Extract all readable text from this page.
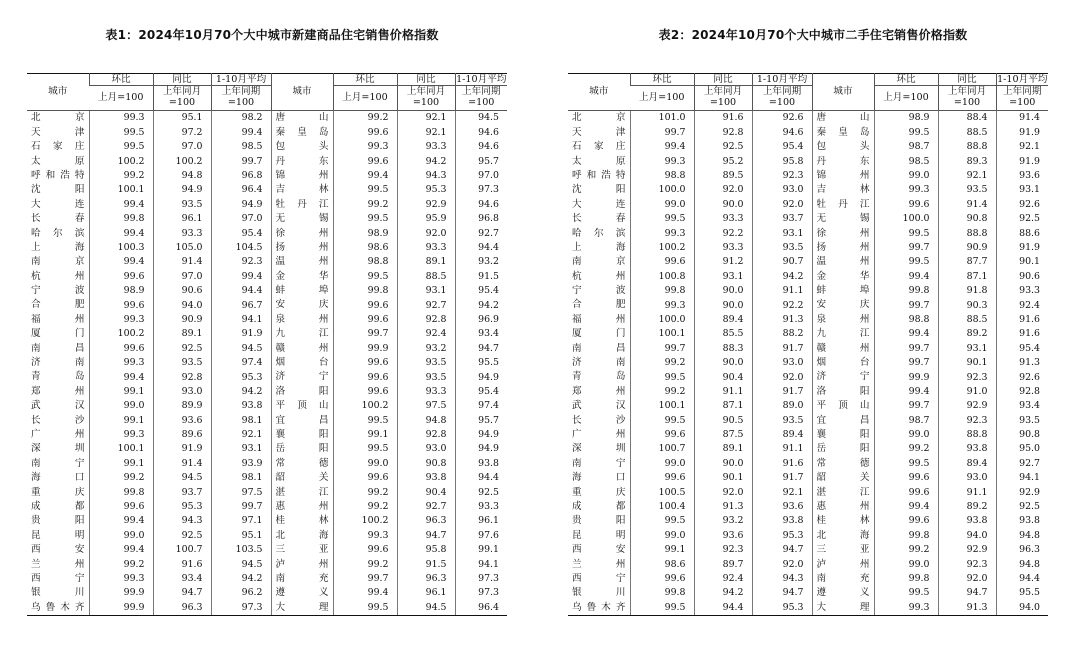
表1：2024年10月70个大中城市新建商品住宅销售价格指数
城市	环比	同比	1-10月平均	城市	环比	同比	1-10月平均
	上月=100	上年同月=100	上年同期=100		上月=100	上年同月=100	上年同期=100
北 京	99.3	95.1	98.2	唐 山	99.2	92.1	94.5
天 津	99.5	97.2	99.4	秦皇岛	99.6	92.1	94.6
石家庄	99.5	97.0	98.5	包 头	99.3	93.3	94.6
太 原	100.2	100.2	99.7	丹 东	99.6	94.2	95.7
呼和浩特	99.2	94.8	96.8	锦 州	99.4	94.3	97.0
沈 阳	100.1	94.9	96.4	吉 林	99.5	95.3	97.3
大 连	99.4	93.5	94.9	牡丹江	99.2	92.9	94.6
长 春	99.8	96.1	97.0	无 锡	99.5	95.9	96.8
哈尔滨	99.4	93.3	95.4	徐 州	98.9	92.0	92.7
上 海	100.3	105.0	104.5	扬 州	98.6	93.3	94.4
南 京	99.4	91.4	92.3	温 州	98.8	89.1	93.2
杭 州	99.6	97.0	99.4	金 华	99.5	88.5	91.5
宁 波	98.9	90.6	94.4	蚌 埠	99.8	93.1	95.4
合 肥	99.6	94.0	96.7	安 庆	99.6	92.7	94.2
福 州	99.3	90.9	94.1	泉 州	99.6	92.8	96.9
厦 门	100.2	89.1	91.9	九 江	99.7	92.4	93.4
南 昌	99.6	92.5	94.5	赣 州	99.9	93.2	94.7
济 南	99.3	93.5	97.4	烟 台	99.6	93.5	95.5
青 岛	99.4	92.8	95.3	济 宁	99.6	93.5	94.9
郑 州	99.1	93.0	94.2	洛 阳	99.6	93.3	95.4
武 汉	99.0	89.9	93.8	平顶山	100.2	97.5	97.4
长 沙	99.1	93.6	98.1	宜 昌	99.5	94.8	95.7
广 州	99.3	89.6	92.1	襄 阳	99.1	92.8	94.9
深 圳	100.1	91.9	93.1	岳 阳	99.5	93.0	94.9
南 宁	99.1	91.4	93.9	常 德	99.0	90.8	93.8
海 口	99.2	94.5	98.1	韶 关	99.6	93.8	94.4
重 庆	99.8	93.7	97.5	湛 江	99.2	90.4	92.5
成 都	99.6	95.3	99.7	惠 州	99.2	92.7	93.3
贵 阳	99.4	94.3	97.1	桂 林	100.2	96.3	96.1
昆 明	99.0	92.5	95.1	北 海	99.3	94.7	97.6
西 安	99.4	100.7	103.5	三 亚	99.6	95.8	99.1
兰 州	99.2	91.6	94.5	泸 州	99.2	91.5	94.1
西 宁	99.3	93.4	94.2	南 充	99.7	96.3	97.3
银 川	99.9	94.7	96.2	遵 义	99.4	96.1	97.3
乌鲁木齐	99.9	96.3	97.3	大 理	99.5	94.5	96.4
表2：2024年10月70个大中城市二手住宅销售价格指数
城市	环比	同比	1-10月平均	城市	环比	同比	1-10月平均
	上月=100	上年同月=100	上年同期=100		上月=100	上年同月=100	上年同期=100
北 京	101.0	91.6	92.6	唐 山	98.9	88.4	91.4
天 津	99.7	92.8	94.6	秦皇岛	99.5	88.5	91.9
石家庄	99.4	92.5	95.4	包 头	98.7	88.8	92.1
太 原	99.3	95.2	95.8	丹 东	98.5	89.3	91.9
呼和浩特	98.8	89.5	92.3	锦 州	99.0	92.1	93.6
沈 阳	100.0	92.0	93.0	吉 林	99.3	93.5	93.1
大 连	99.0	90.0	92.0	牡丹江	99.6	91.4	92.6
长 春	99.5	93.3	93.7	无 锡	100.0	90.8	92.5
哈尔滨	99.3	92.2	93.1	徐 州	99.5	88.8	88.6
上 海	100.2	93.3	93.5	扬 州	99.7	90.9	91.9
南 京	99.6	91.2	90.7	温 州	99.5	87.7	90.1
杭 州	100.8	93.1	94.2	金 华	99.4	87.1	90.6
宁 波	99.8	90.0	91.1	蚌 埠	99.8	91.8	93.3
合 肥	99.3	90.0	92.2	安 庆	99.7	90.3	92.4
福 州	100.0	89.4	91.3	泉 州	98.8	88.5	91.6
厦 门	100.1	85.5	88.2	九 江	99.4	89.2	91.6
南 昌	99.7	88.3	91.7	赣 州	99.7	93.1	95.4
济 南	99.2	90.0	93.0	烟 台	99.7	90.1	91.3
青 岛	99.5	90.4	92.0	济 宁	99.9	92.3	92.6
郑 州	99.2	91.1	91.7	洛 阳	99.4	91.0	92.8
武 汉	100.1	87.1	89.0	平顶山	99.7	92.9	93.4
长 沙	99.5	90.5	93.5	宜 昌	98.7	92.3	93.5
广 州	99.6	87.5	89.4	襄 阳	99.0	88.8	90.8
深 圳	100.7	89.1	91.1	岳 阳	99.2	93.8	95.0
南 宁	99.0	90.0	91.6	常 德	99.5	89.4	92.7
海 口	99.6	90.1	91.7	韶 关	99.6	93.0	94.1
重 庆	100.5	92.0	92.1	湛 江	99.6	91.1	92.9
成 都	100.4	91.3	93.6	惠 州	99.4	89.2	92.5
贵 阳	99.5	93.2	93.8	桂 林	99.6	93.8	93.8
昆 明	99.0	93.6	95.3	北 海	99.8	94.0	94.8
西 安	99.1	92.3	94.7	三 亚	99.2	92.9	96.3
兰 州	98.6	89.7	92.0	泸 州	99.0	92.3	94.8
西 宁	99.6	92.4	94.3	南 充	99.8	92.0	94.4
银 川	99.8	94.2	94.7	遵 义	99.5	94.7	95.5
乌鲁木齐	99.5	94.4	95.3	大 理	99.3	91.3	94.0
